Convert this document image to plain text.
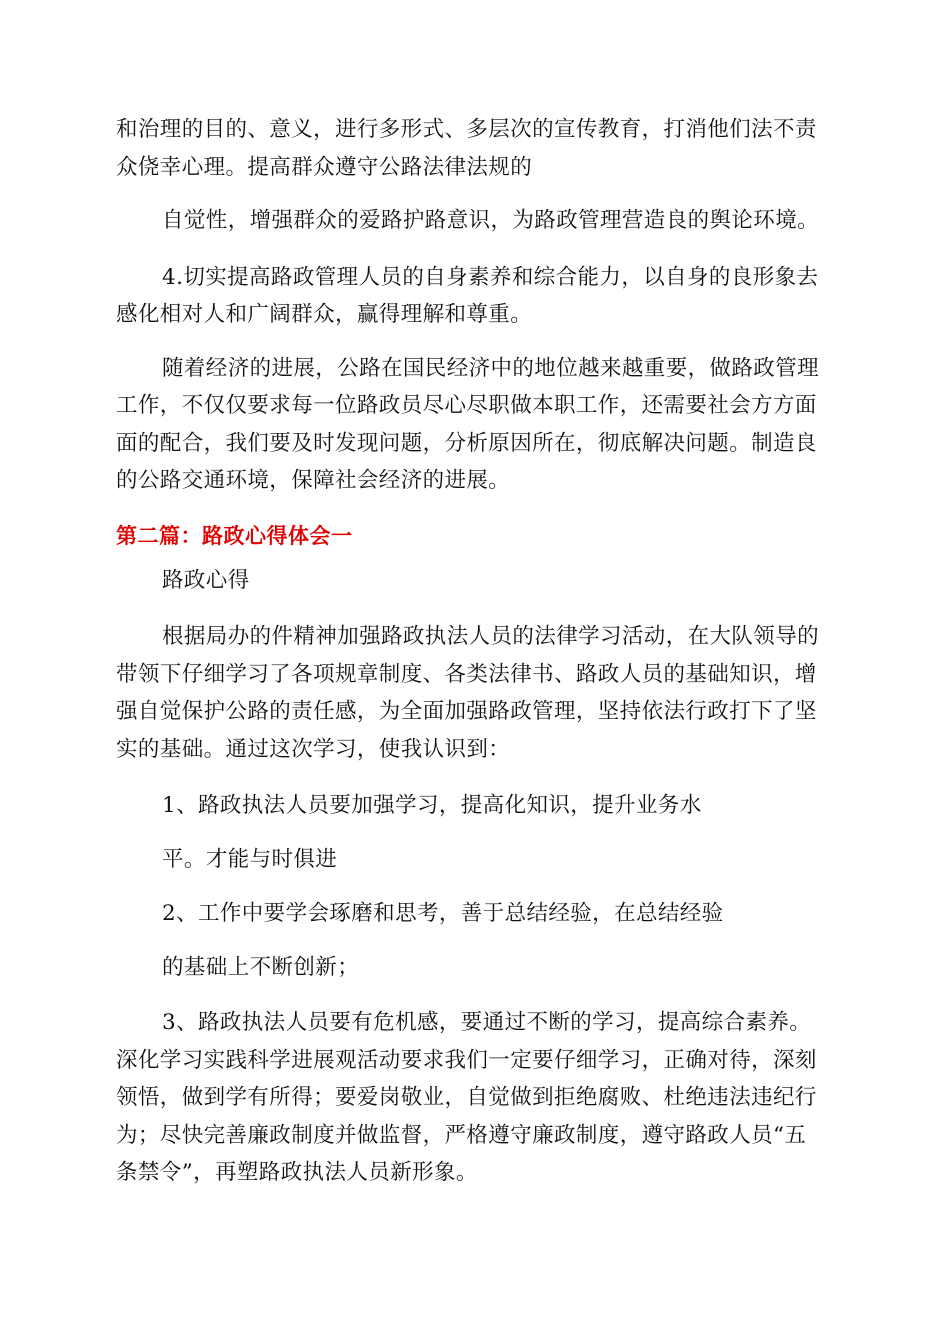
和治理的目的、意义，进行多形式、多层次的宣传教育，打消他们法不责
众侥幸心理。提高群众遵守公路法律法规的
自觉性，增强群众的爱路护路意识，为路政管理营造良的舆论环境。
4.切实提高路政管理人员的自身素养和综合能力，以自身的良形象去
感化相对人和广阔群众，赢得理解和尊重。
随着经济的进展，公路在国民经济中的地位越来越重要，做路政管理
工作，不仅仅要求每一位路政员尽心尽职做本职工作，还需要社会方方面
面的配合，我们要及时发现问题，分析原因所在，彻底解决问题。制造良
的公路交通环境，保障社会经济的进展。
第二篇：路政心得体会一
路政心得
根据局办的件精神加强路政执法人员的法律学习活动，在大队领导的
带领下仔细学习了各项规章制度、各类法律书、路政人员的基础知识，增
强自觉保护公路的责任感，为全面加强路政管理，坚持依法行政打下了坚
实的基础。通过这次学习，使我认识到：
1、路政执法人员要加强学习，提高化知识，提升业务水
平。才能与时俱进
2、工作中要学会琢磨和思考，善于总结经验，在总结经验
的基础上不断创新；
3、路政执法人员要有危机感，要通过不断的学习，提高综合素养。
深化学习实践科学进展观活动要求我们一定要仔细学习，正确对待，深刻
领悟，做到学有所得；要爱岗敬业，自觉做到拒绝腐败、杜绝违法违纪行
为；尽快完善廉政制度并做监督，严格遵守廉政制度，遵守路政人员“五
条禁令”，再塑路政执法人员新形象。
